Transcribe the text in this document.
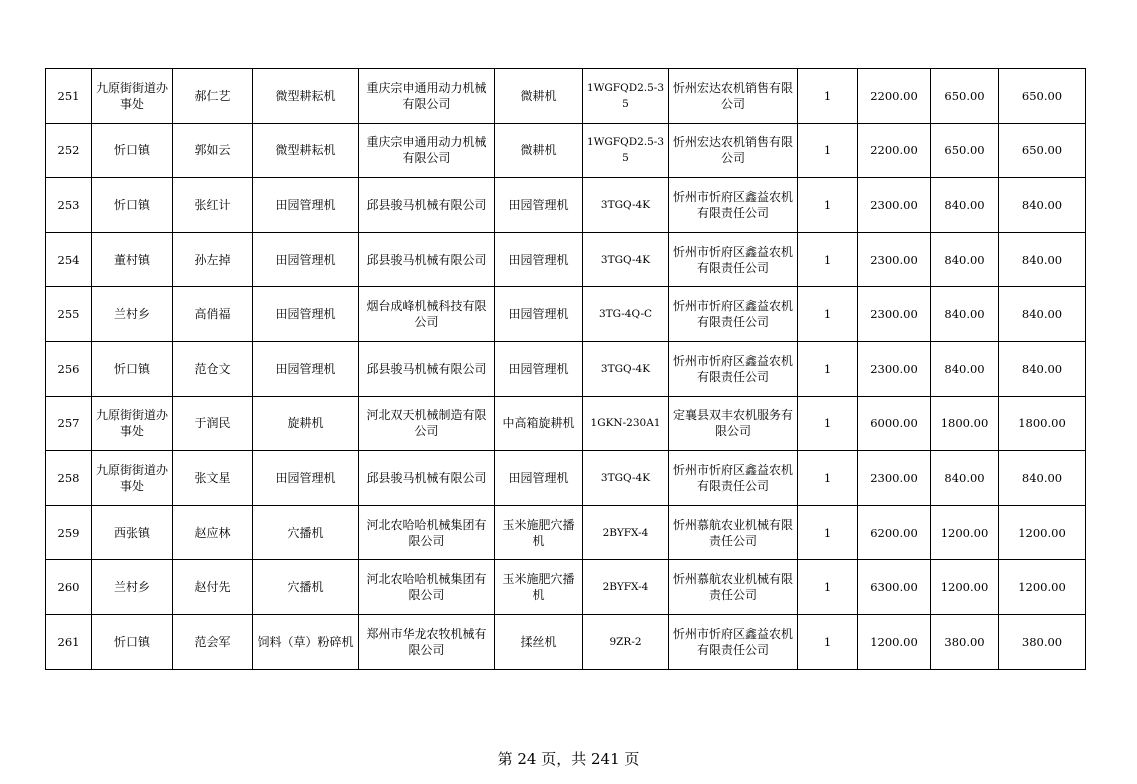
251	九原街街道办事处	郝仁艺	微型耕耘机	重庆宗申通用动力机械有限公司	微耕机	1WGFQD2.5-35	忻州宏达农机销售有限公司	1	2200.00	650.00	650.00
252	忻口镇	郭如云	微型耕耘机	重庆宗申通用动力机械有限公司	微耕机	1WGFQD2.5-35	忻州宏达农机销售有限公司	1	2200.00	650.00	650.00
253	忻口镇	张红计	田园管理机	邱县骏马机械有限公司	田园管理机	3TGQ-4K	忻州市忻府区鑫益农机有限责任公司	1	2300.00	840.00	840.00
254	董村镇	孙左掉	田园管理机	邱县骏马机械有限公司	田园管理机	3TGQ-4K	忻州市忻府区鑫益农机有限责任公司	1	2300.00	840.00	840.00
255	兰村乡	高俏福	田园管理机	烟台成峰机械科技有限公司	田园管理机	3TG-4Q-C	忻州市忻府区鑫益农机有限责任公司	1	2300.00	840.00	840.00
256	忻口镇	范仓文	田园管理机	邱县骏马机械有限公司	田园管理机	3TGQ-4K	忻州市忻府区鑫益农机有限责任公司	1	2300.00	840.00	840.00
257	九原街街道办事处	于润民	旋耕机	河北双天机械制造有限公司	中高箱旋耕机	1GKN-230A1	定襄县双丰农机服务有限公司	1	6000.00	1800.00	1800.00
258	九原街街道办事处	张文星	田园管理机	邱县骏马机械有限公司	田园管理机	3TGQ-4K	忻州市忻府区鑫益农机有限责任公司	1	2300.00	840.00	840.00
259	西张镇	赵应林	穴播机	河北农哈哈机械集团有限公司	玉米施肥穴播机	2BYFX-4	忻州慕航农业机械有限责任公司	1	6200.00	1200.00	1200.00
260	兰村乡	赵付先	穴播机	河北农哈哈机械集团有限公司	玉米施肥穴播机	2BYFX-4	忻州慕航农业机械有限责任公司	1	6300.00	1200.00	1200.00
261	忻口镇	范会军	饲料（草）粉碎机	郑州市华龙农牧机械有限公司	揉丝机	9ZR-2	忻州市忻府区鑫益农机有限责任公司	1	1200.00	380.00	380.00
第 24 页，共 241 页
